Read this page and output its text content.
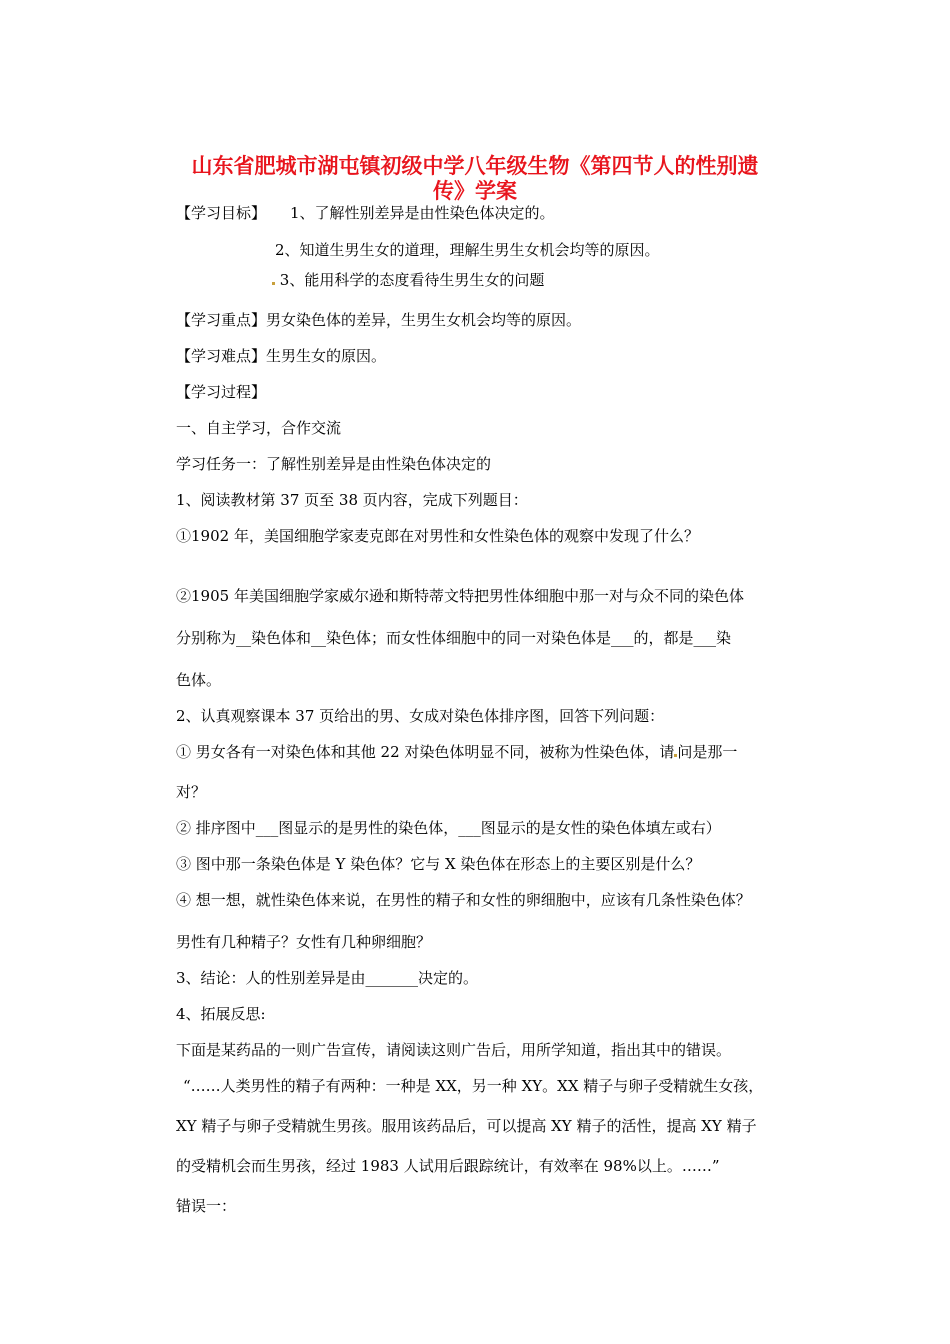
山东省肥城市湖屯镇初级中学八年级生物《第四节人的性别遗
传》学案

【学习目标】 1、了解性别差异是由性染色体决定的。

2、知道生男生女的道理，理解生男生女机会均等的原因。

3、能用科学的态度看待生男生女的问题

【学习重点】男女染色体的差异，生男生女机会均等的原因。

【学习难点】生男生女的原因。

【学习过程】

一、自主学习，合作交流

学习任务一：了解性别差异是由性染色体决定的

1、阅读教材第 37 页至 38 页内容，完成下列题目：

①1902 年，美国细胞学家麦克郎在对男性和女性染色体的观察中发现了什么？

②1905 年美国细胞学家威尔逊和斯特蒂文特把男性体细胞中那一对与众不同的染色体

分别称为__染色体和__染色体；而女性体细胞中的同一对染色体是___的，都是___染

色体。

2、认真观察课本 37 页给出的男、女成对染色体排序图，回答下列问题：

① 男女各有一对染色体和其他 22 对染色体明显不同，被称为性染色体，请 问是那一

对？

② 排序图中___图显示的是男性的染色体，___图显示的是女性的染色体填左或右）

③ 图中那一条染色体是 Y 染色体？它与 X 染色体在形态上的主要区别是什么？

④ 想一想，就性染色体来说，在男性的精子和女性的卵细胞中，应该有几条性染色体？

男性有几种精子？女性有几种卵细胞？

3、结论：人的性别差异是由_______决定的。

4、拓展反思:

下面是某药品的一则广告宣传，请阅读这则广告后，用所学知道，指出其中的错误。

“……人类男性的精子有两种：一种是 XX，另一种 XY。XX 精子与卵子受精就生女孩，

XY 精子与卵子受精就生男孩。服用该药品后，可以提高 XY 精子的活性，提高 XY 精子

的受精机会而生男孩，经过 1983 人试用后跟踪统计，有效率在 98%以上。……”

错误一：
